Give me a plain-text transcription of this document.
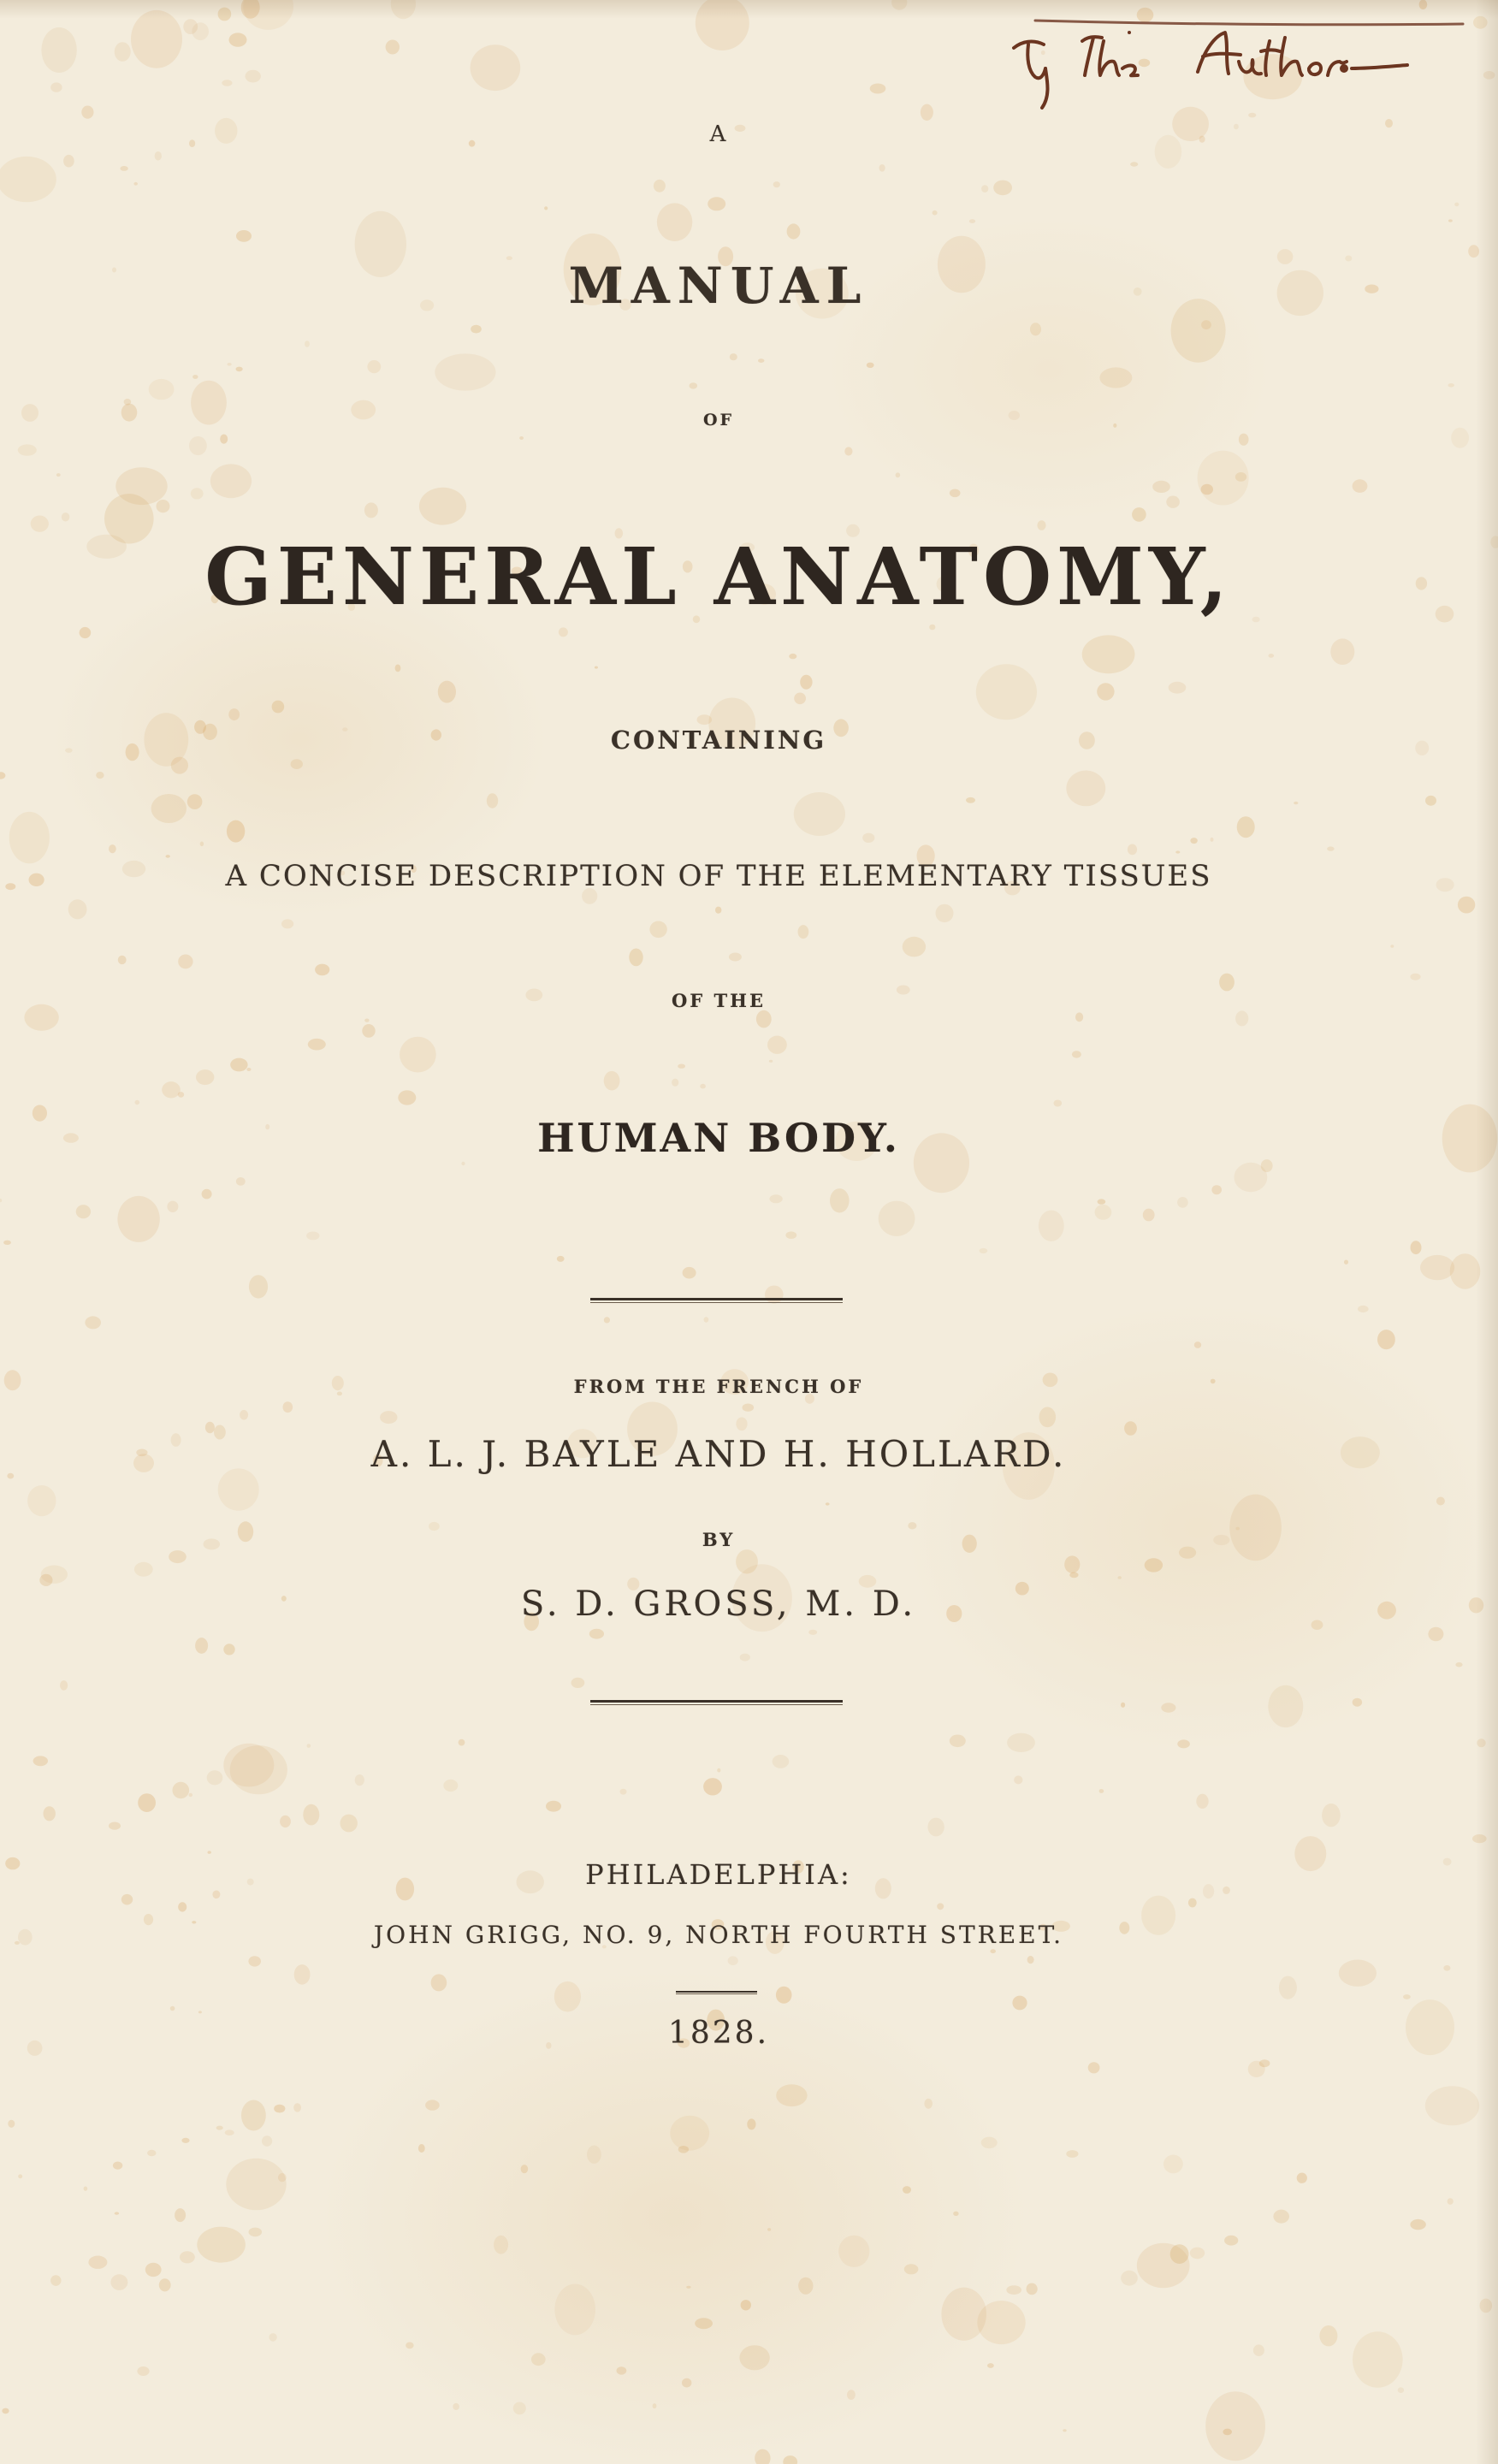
A
MANUAL
OF
GENERAL ANATOMY,
CONTAINING
A CONCISE DESCRIPTION OF THE ELEMENTARY TISSUES
OF THE
HUMAN BODY.
FROM THE FRENCH OF
A. L. J. BAYLE AND H. HOLLARD.
BY
S. D. GROSS, M. D.
PHILADELPHIA:
JOHN GRIGG, NO. 9, NORTH FOURTH STREET.
1828.
